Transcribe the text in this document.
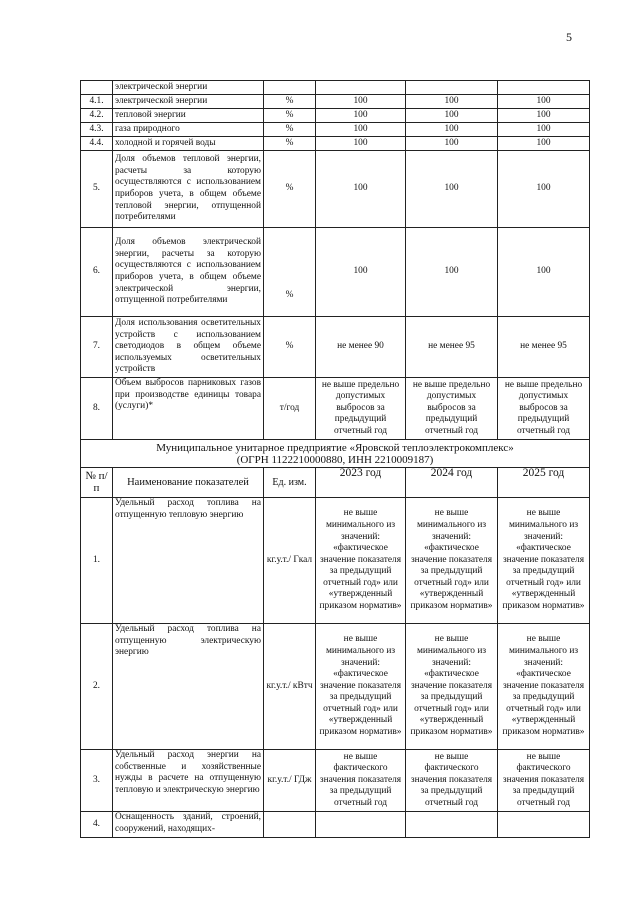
5
	электрической энергии				
4.1.	электрической энергии	%	100	100	100
4.2.	тепловой энергии	%	100	100	100
4.3.	газа природного	%	100	100	100
4.4.	холодной и горячей воды	%	100	100	100
5.	Доля объемов тепловой энергии, расчеты за которую осуществляются с использованием приборов учета, в общем объеме тепловой энергии, отпущенной потребителями	%	100	100	100
6.	Доля объемов электрической энергии, расчеты за которую осуществляются с использованием приборов учета, в общем объеме электрической энергии, отпущенной потребителями	%	100	100	100
7.	Доля использования осветительных устройств с использованием светодиодов в общем объеме используемых осветительных устройств	%	не менее 90	не менее 95	не менее 95
8.	Объем выбросов парниковых газов при производстве единицы товара (услуги)*	т/год	не выше предельно допустимых выбросов за предыдущий отчетный год	не выше предельно допустимых выбросов за предыдущий отчетный год	не выше предельно допустимых выбросов за предыдущий отчетный год

Муниципальное унитарное предприятие «Яровской теплоэлектрокомплекс»
(ОГРН 1122210000880, ИНН 2210009187)					

№ п/п	Наименование показателей	Ед. изм.	2023 год	2024 год	2025 год
1.	Удельный расход топлива на отпущенную тепловую энергию	кг.у.т./ Гкал	не выше минимального из значений: «фактическое значение показателя за предыдущий отчетный год» или «утвержденный приказом норматив»	не выше минимального из значений: «фактическое значение показателя за предыдущий отчетный год» или «утвержденный приказом норматив»	не выше минимального из значений: «фактическое значение показателя за предыдущий отчетный год» или «утвержденный приказом норматив»
2.	Удельный расход топлива на отпущенную электрическую энергию	кг.у.т./ кВтч	не выше минимального из значений: «фактическое значение показателя за предыдущий отчетный год» или «утвержденный приказом норматив»	не выше минимального из значений: «фактическое значение показателя за предыдущий отчетный год» или «утвержденный приказом норматив»	не выше минимального из значений: «фактическое значение показателя за предыдущий отчетный год» или «утвержденный приказом норматив»
3.	Удельный расход энергии на собственные и хозяйственные нужды в расчете на отпущенную тепловую и электрическую энергию	кг.у.т./ ГДж	не выше фактического значения показателя за предыдущий отчетный год	не выше фактического значения показателя за предыдущий отчетный год	не выше фактического значения показателя за предыдущий отчетный год
4.	Оснащенность зданий, строений, сооружений, находящих-				
